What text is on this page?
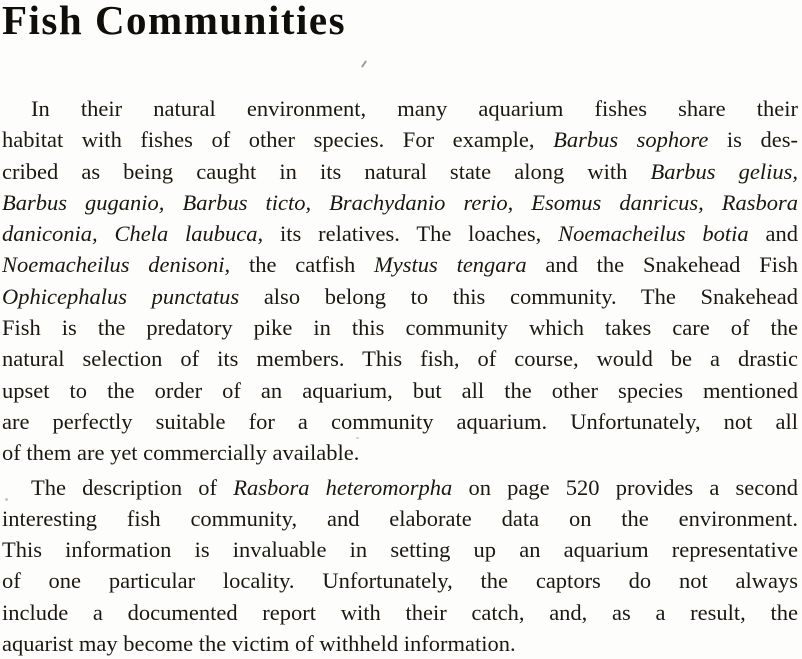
Fish Communities
In their natural environment, many aquarium fishes share their
habitat with fishes of other species. For example, Barbus sophore is des-
cribed as being caught in its natural state along with Barbus gelius,
Barbus guganio, Barbus ticto, Brachydanio rerio, Esomus danricus, Rasbora
daniconia, Chela laubuca, its relatives. The loaches, Noemacheilus botia and
Noemacheilus denisoni, the catfish Mystus tengara and the Snakehead Fish
Ophicephalus punctatus also belong to this community. The Snakehead
Fish is the predatory pike in this community which takes care of the
natural selection of its members. This fish, of course, would be a drastic
upset to the order of an aquarium, but all the other species mentioned
are perfectly suitable for a community aquarium. Unfortunately, not all
of them are yet commercially available.
The description of Rasbora heteromorpha on page 520 provides a second
interesting fish community, and elaborate data on the environment.
This information is invaluable in setting up an aquarium representative
of one particular locality. Unfortunately, the captors do not always
include a documented report with their catch, and, as a result, the
aquarist may become the victim of withheld information.
